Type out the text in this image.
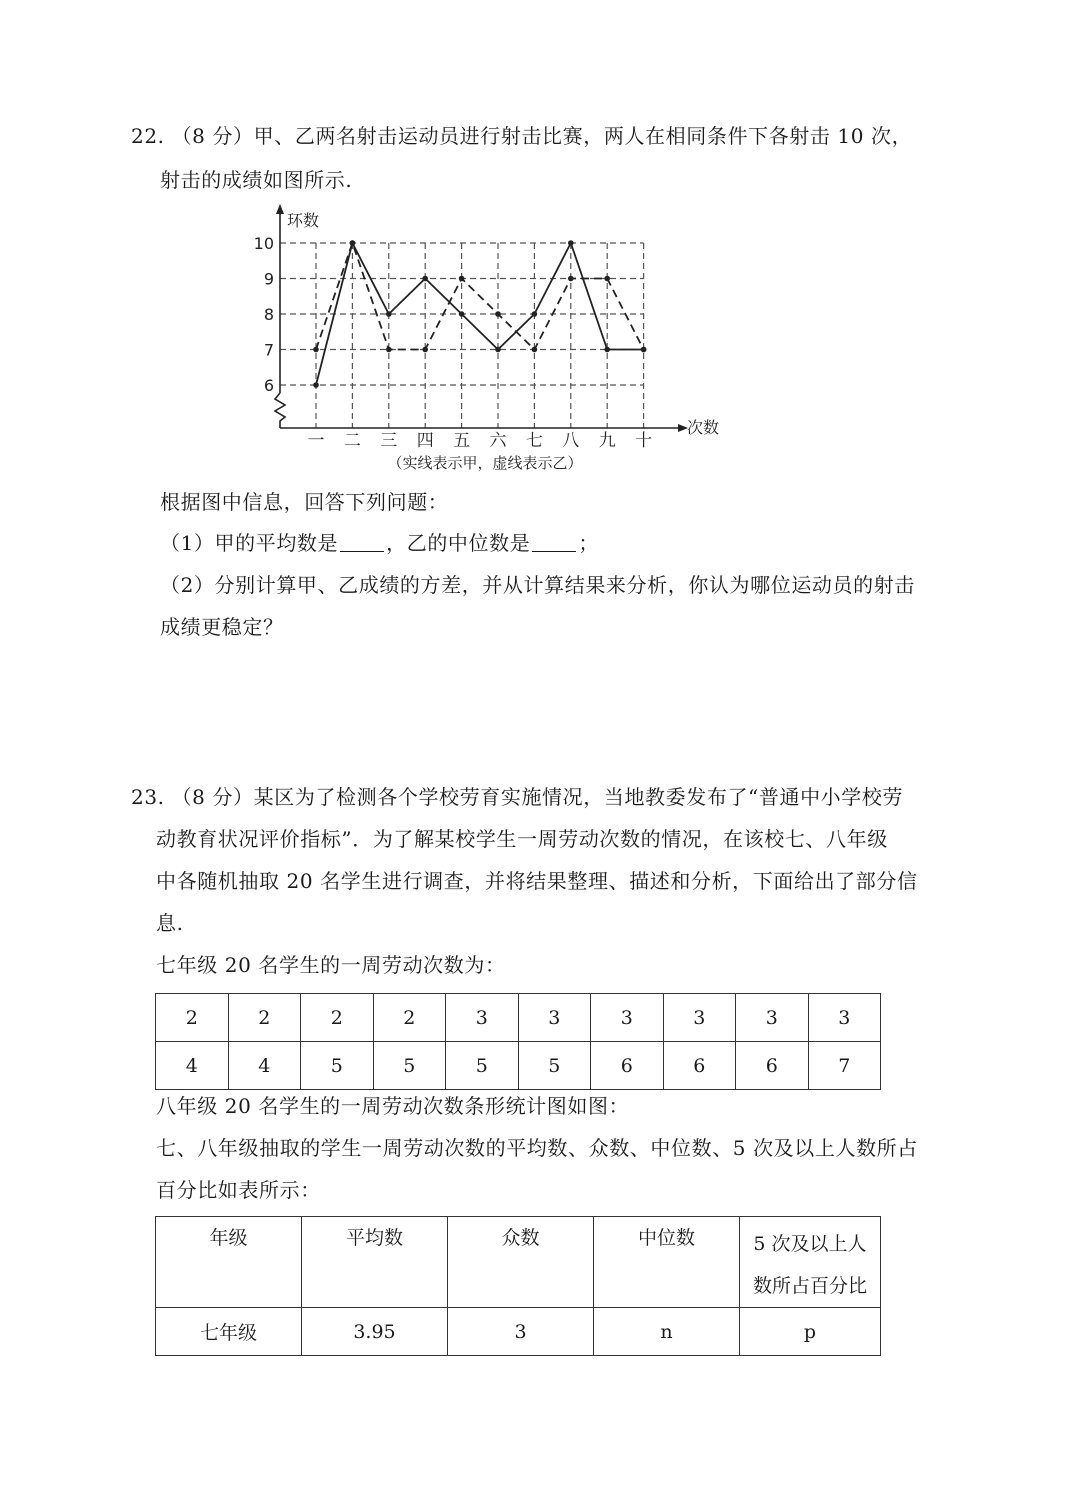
22. （8 分）甲、乙两名射击运动员进行射击比赛，两人在相同条件下各射击 10 次，
射击的成绩如图所示.
6
7
8
9
10
一 二 三 四 五 六 七 八 九 十
环数
次数
（实线表示甲，虚线表示乙）
根据图中信息，回答下列问题：
（1）甲的平均数是 ，乙的中位数是 ；
（2）分别计算甲、乙成绩的方差，并从计算结果来分析，你认为哪位运动员的射击
成绩更稳定？
23. （8 分）某区为了检测各个学校劳育实施情况，当地教委发布了“普通中小学校劳
动教育状况评价指标”．为了解某校学生一周劳动次数的情况，在该校七、八年级
中各随机抽取 20 名学生进行调查，并将结果整理、描述和分析，下面给出了部分信
息.
七年级 20 名学生的一周劳动次数为：
2	2	2	2	3	3	3	3	3	3
4	4	5	5	5	5	6	6	6	7
八年级 20 名学生的一周劳动次数条形统计图如图：
七、八年级抽取的学生一周劳动次数的平均数、众数、中位数、5 次及以上人数所占
百分比如表所示：
年级	平均数	众数	中位数	5 次及以上人
数所占百分比
七年级	3.95	3	n	p
